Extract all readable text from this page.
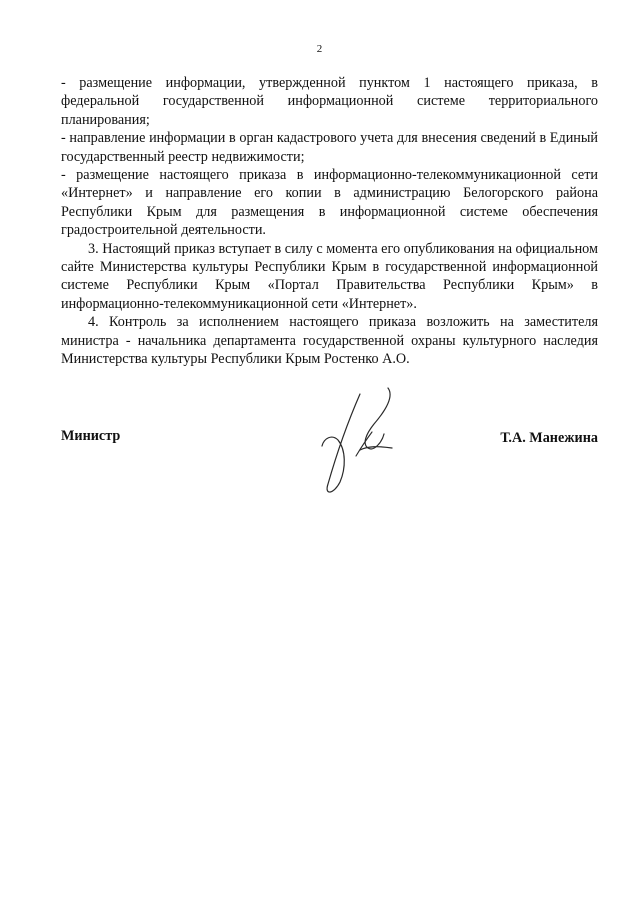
2

- размещение информации, утвержденной пунктом 1 настоящего приказа, в федеральной государственной информационной системе территориального планирования;

- направление информации в орган кадастрового учета для внесения сведений в Единый государственный реестр недвижимости;

- размещение настоящего приказа в информационно-телекоммуникационной сети «Интернет» и направление его копии в администрацию Белогорского района Республики Крым для размещения в информационной системе обеспечения градостроительной деятельности.

3. Настоящий приказ вступает в силу с момента его опубликования на официальном сайте Министерства культуры Республики Крым в государственной информационной системе Республики Крым «Портал Правительства Республики Крым» в информационно-телекоммуникационной сети «Интернет».

4. Контроль за исполнением настоящего приказа возложить на заместителя министра - начальника департамента государственной охраны культурного наследия Министерства культуры Республики Крым Ростенко А.О.

Министр	Т.А. Манежина
